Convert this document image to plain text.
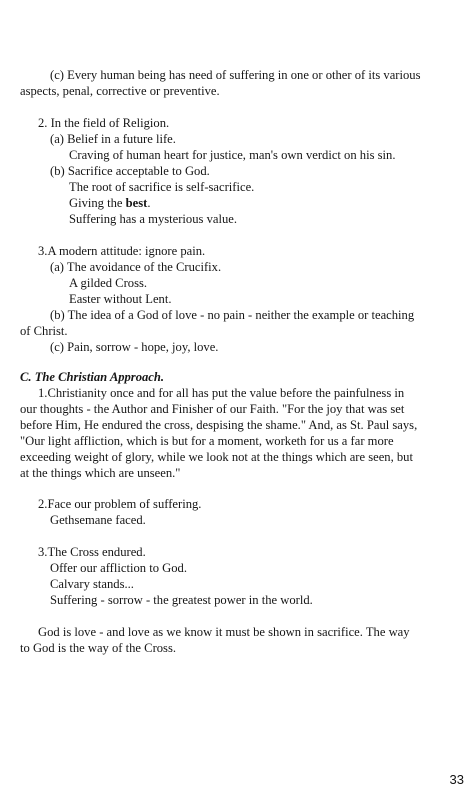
(c) Every human being has need of suffering in one or other of its various
aspects, penal, corrective or preventive.
2. In the field of Religion.
(a) Belief in a future life.
Craving of human heart for justice, man's own verdict on his sin.
(b) Sacrifice acceptable to God.
The root of sacrifice is self-sacrifice.
Giving the best.
Suffering has a mysterious value.
3.A modern attitude: ignore pain.
(a) The avoidance of the Crucifix.
A gilded Cross.
Easter without Lent.
(b) The idea of a God of love - no pain - neither the example or teaching
of Christ.
(c) Pain, sorrow - hope, joy, love.
C. The Christian Approach.
1.Christianity once and for all has put the value before the painfulness in
our thoughts - the Author and Finisher of our Faith. "For the joy that was set
before Him, He endured the cross, despising the shame." And, as St. Paul says,
"Our light affliction, which is but for a moment, worketh for us a far more
exceeding weight of glory, while we look not at the things which are seen, but
at the things which are unseen."
2.Face our problem of suffering.
Gethsemane faced.
3.The Cross endured.
Offer our affliction to God.
Calvary stands...
Suffering - sorrow - the greatest power in the world.
God is love - and love as we know it must be shown in sacrifice. The way
to God is the way of the Cross.
33
